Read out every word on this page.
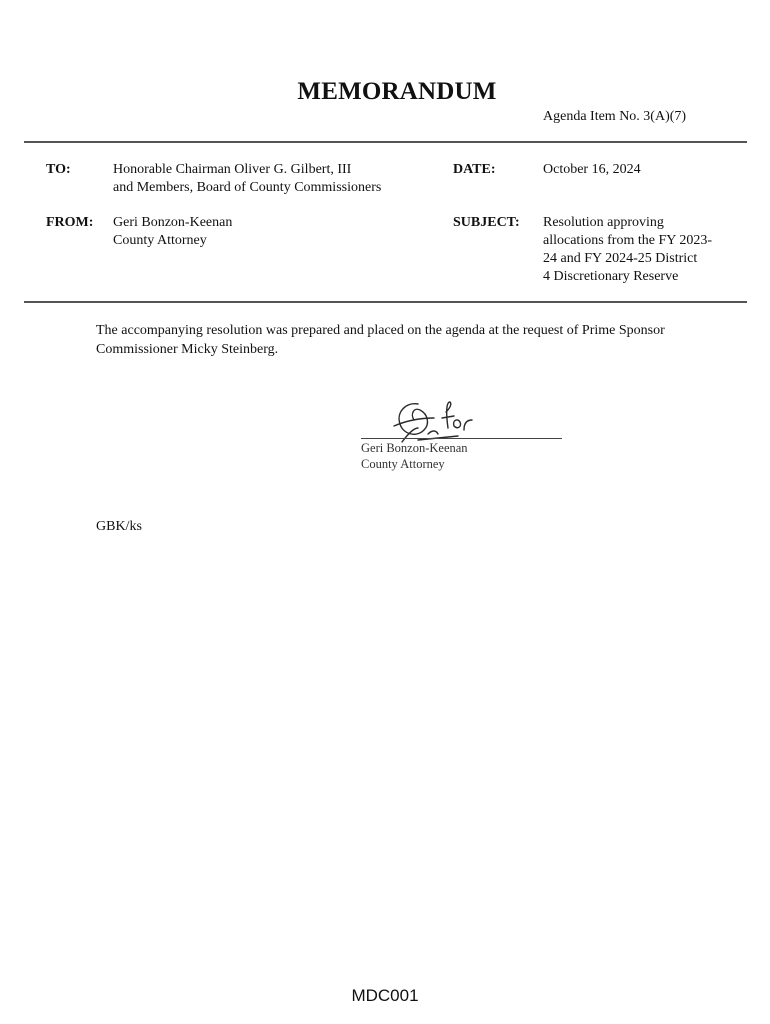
MEMORANDUM
Agenda Item No. 3(A)(7)
TO:	Honorable Chairman Oliver G. Gilbert, III
and Members, Board of County Commissioners
DATE:	October 16, 2024
FROM: Geri Bonzon-Keenan
County Attorney
SUBJECT: Resolution approving
allocations from the FY 2023-
24 and FY 2024-25 District
4 Discretionary Reserve
The accompanying resolution was prepared and placed on the agenda at the request of Prime Sponsor
Commissioner Micky Steinberg.
Geri Bonzon-Keenan
County Attorney
GBK/ks
MDC001
